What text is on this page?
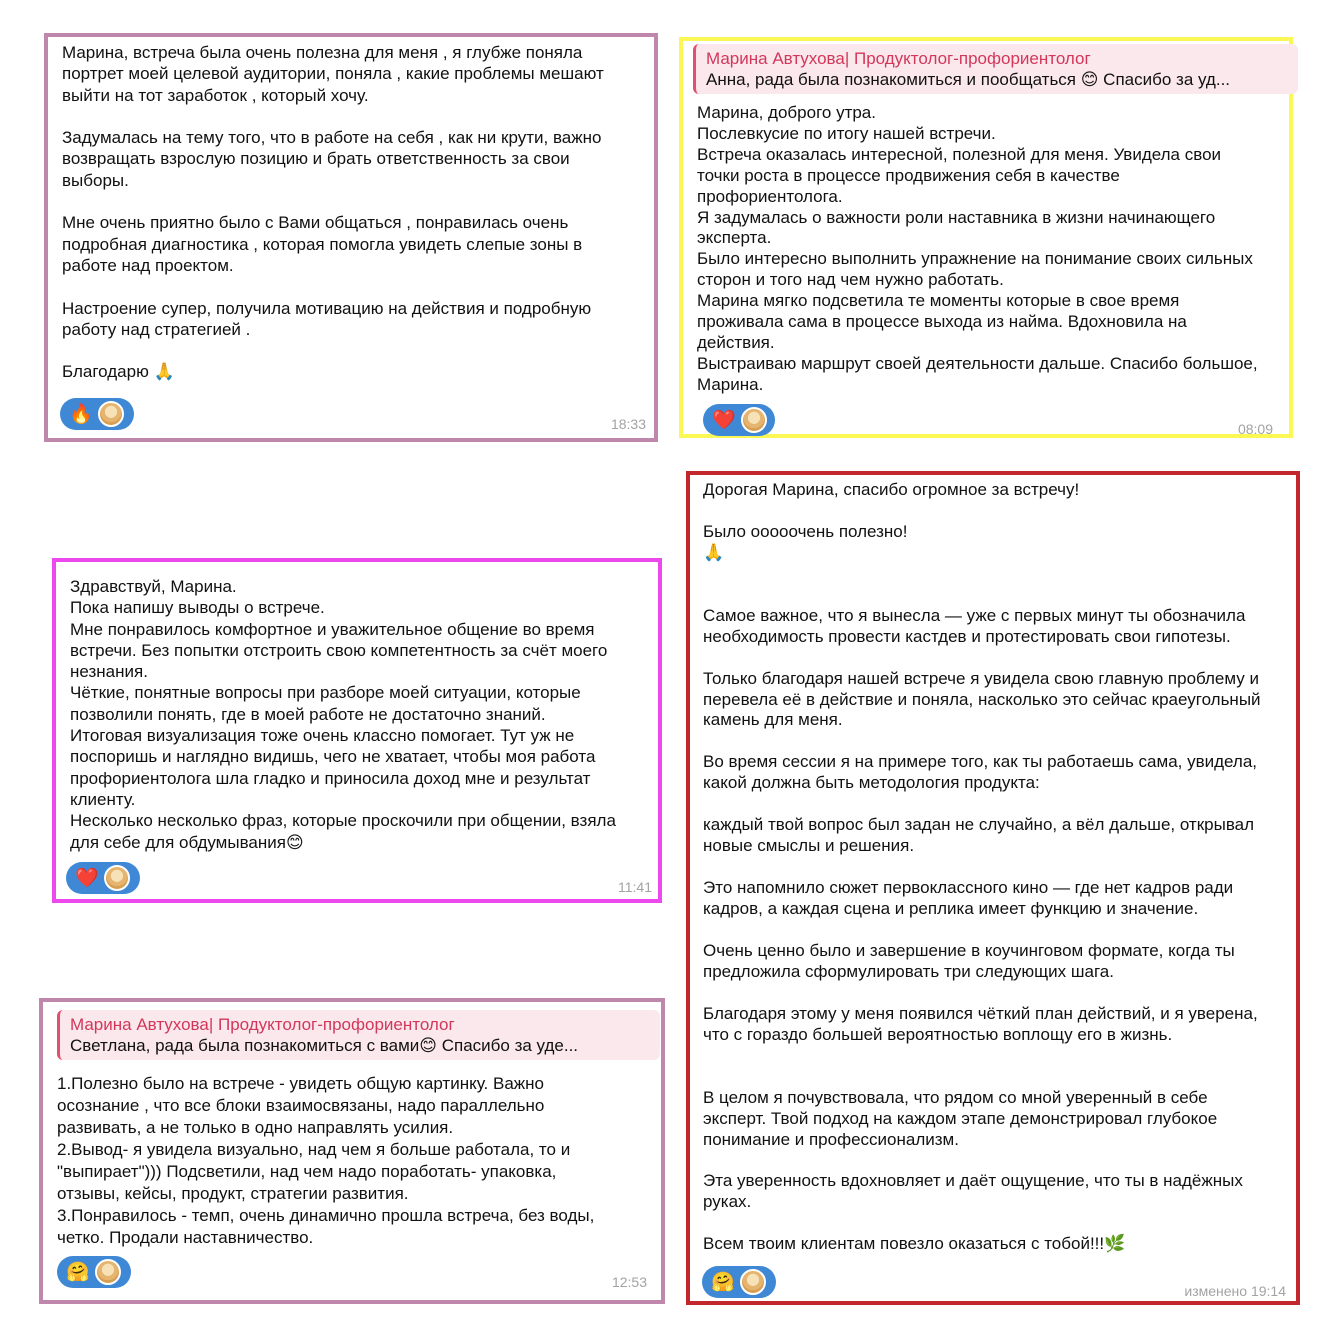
Марина, встреча была очень полезна для меня , я глубже поняла
портрет моей целевой аудитории, поняла , какие проблемы мешают
выйти на тот заработок , который хочу.

Задумалась на тему того, что в работе на себя , как ни крути, важно
возвращать взрослую позицию и брать ответственность за свои
выборы.

Мне очень приятно было с Вами общаться , понравилась очень
подробная диагностика , которая помогла увидеть слепые зоны в
работе над проектом.

Настроение супер, получила мотивацию на действия и подробную
работу над стратегией .

Благодарю 🙏
🔥	18:33
Марина Автухова| Продуктолог-профориентолог
Анна, рада была познакомиться и пообщаться 😊 Спасибо за уд...
Марина, доброго утра.
Послевкусие по итогу нашей встречи.
Встреча оказалась интересной, полезной для меня. Увидела свои
точки роста в процессе продвижения себя в качестве
профориентолога.
Я задумалась о важности роли наставника в жизни начинающего
эксперта.
Было интересно выполнить упражнение на понимание своих сильных
сторон и того над чем нужно работать.
Марина мягко подсветила те моменты которые в свое время
проживала сама в процессе выхода из найма. Вдохновила на
действия.
Выстраиваю маршрут своей деятельности дальше. Спасибо большое,
Марина.
❤️	08:09
Здравствуй, Марина.
Пока напишу выводы о встрече.
Мне понравилось комфортное и уважительное общение во время
встречи. Без попытки отстроить свою компетентность за счёт моего
незнания.
Чёткие, понятные вопросы при разборе моей ситуации, которые
позволили понять, где в моей работе не достаточно знаний.
Итоговая визуализация тоже очень классно помогает. Тут уж не
поспоришь и наглядно видишь, чего не хватает, чтобы моя работа
профориентолога шла гладко и приносила доход мне и результат
клиенту.
Несколько несколько фраз, которые проскочили при общении, взяла
для себе для обдумывания😊
❤️	11:41
Марина Автухова| Продуктолог-профориентолог
Светлана, рада была познакомиться с вами😊 Спасибо за уде...
1.Полезно было на встрече - увидеть общую картинку. Важно
осознание , что все блоки взаимосвязаны, надо параллельно
развивать, а не только в одно направлять усилия.
2.Вывод- я увидела визуально, над чем я больше работала, то и
"выпирает"))) Подсветили, над чем надо поработать- упаковка,
отзывы, кейсы, продукт, стратегии развития.
3.Понравилось - темп, очень динамично прошла встреча, без воды,
четко. Продали наставничество.
🤗	12:53
Дорогая Марина, спасибо огромное за встречу!

Было ооооочень полезно!
🙏

Самое важное, что я вынесла — уже с первых минут ты обозначила
необходимость провести кастдев и протестировать свои гипотезы.

Только благодаря нашей встрече я увидела свою главную проблему и
перевела её в действие и поняла, насколько это сейчас краеугольный
камень для меня.

Во время сессии я на примере того, как ты работаешь сама, увидела,
какой должна быть методология продукта:

каждый твой вопрос был задан не случайно, а вёл дальше, открывал
новые смыслы и решения.

Это напомнило сюжет первоклассного кино — где нет кадров ради
кадров, а каждая сцена и реплика имеет функцию и значение.

Очень ценно было и завершение в коучинговом формате, когда ты
предложила сформулировать три следующих шага.

Благодаря этому у меня появился чёткий план действий, и я уверена,
что с гораздо большей вероятностью воплощу его в жизнь.

В целом я почувствовала, что рядом со мной уверенный в себе
эксперт. Твой подход на каждом этапе демонстрировал глубокое
понимание и профессионализм.

Эта уверенность вдохновляет и даёт ощущение, что ты в надёжных
руках.

Всем твоим клиентам повезло оказаться с тобой!!!🌿
🤗	изменено 19:14
